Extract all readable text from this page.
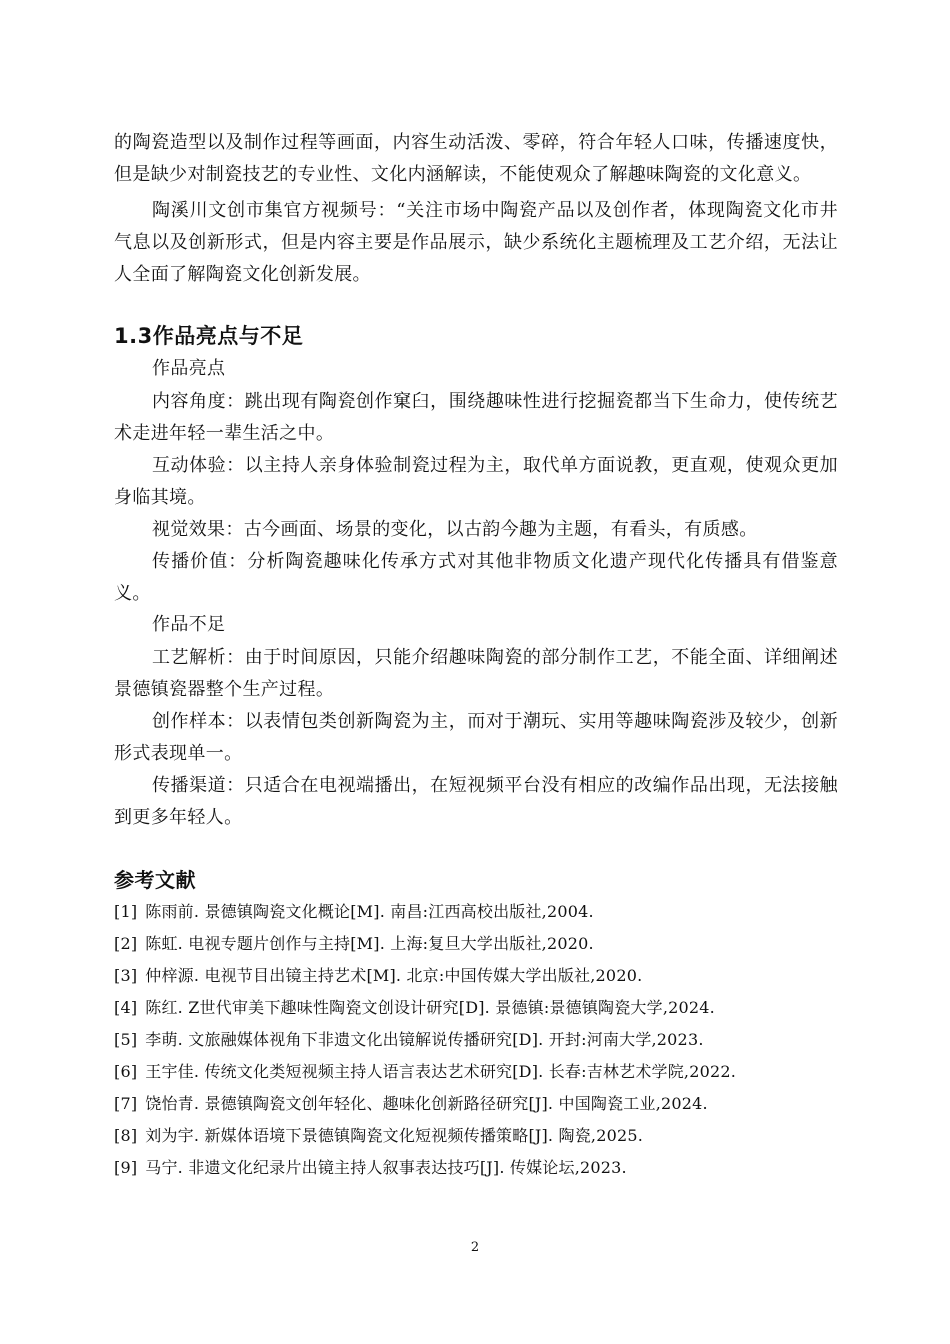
的陶瓷造型以及制作过程等画面，内容生动活泼、零碎，符合年轻人口味，传播速度快，但是缺少对制瓷技艺的专业性、文化内涵解读，不能使观众了解趣味陶瓷的文化意义。

陶溪川文创市集官方视频号：“关注市场中陶瓷产品以及创作者，体现陶瓷文化市井气息以及创新形式，但是内容主要是作品展示，缺少系统化主题梳理及工艺介绍，无法让人全面了解陶瓷文化创新发展。

1.3作品亮点与不足

作品亮点

内容角度：跳出现有陶瓷创作窠臼，围绕趣味性进行挖掘瓷都当下生命力，使传统艺术走进年轻一辈生活之中。

互动体验：以主持人亲身体验制瓷过程为主，取代单方面说教，更直观，使观众更加身临其境。

视觉效果：古今画面、场景的变化，以古韵今趣为主题，有看头，有质感。

传播价值：分析陶瓷趣味化传承方式对其他非物质文化遗产现代化传播具有借鉴意义。

作品不足

工艺解析：由于时间原因，只能介绍趣味陶瓷的部分制作工艺，不能全面、详细阐述景德镇瓷器整个生产过程。

创作样本：以表情包类创新陶瓷为主，而对于潮玩、实用等趣味陶瓷涉及较少，创新形式表现单一。

传播渠道：只适合在电视端播出，在短视频平台没有相应的改编作品出现，无法接触到更多年轻人。

参考文献
[1] 陈雨前. 景德镇陶瓷文化概论[M]. 南昌:江西高校出版社,2004.
[2] 陈虹. 电视专题片创作与主持[M]. 上海:复旦大学出版社,2020.
[3] 仲梓源. 电视节目出镜主持艺术[M]. 北京:中国传媒大学出版社,2020.
[4] 陈红. Z世代审美下趣味性陶瓷文创设计研究[D]. 景德镇:景德镇陶瓷大学,2024.
[5] 李萌. 文旅融媒体视角下非遗文化出镜解说传播研究[D]. 开封:河南大学,2023.
[6] 王宇佳. 传统文化类短视频主持人语言表达艺术研究[D]. 长春:吉林艺术学院,2022.
[7] 饶怡青. 景德镇陶瓷文创年轻化、趣味化创新路径研究[J]. 中国陶瓷工业,2024.
[8] 刘为宇. 新媒体语境下景德镇陶瓷文化短视频传播策略[J]. 陶瓷,2025.
[9] 马宁. 非遗文化纪录片出镜主持人叙事表达技巧[J]. 传媒论坛,2023.
2
